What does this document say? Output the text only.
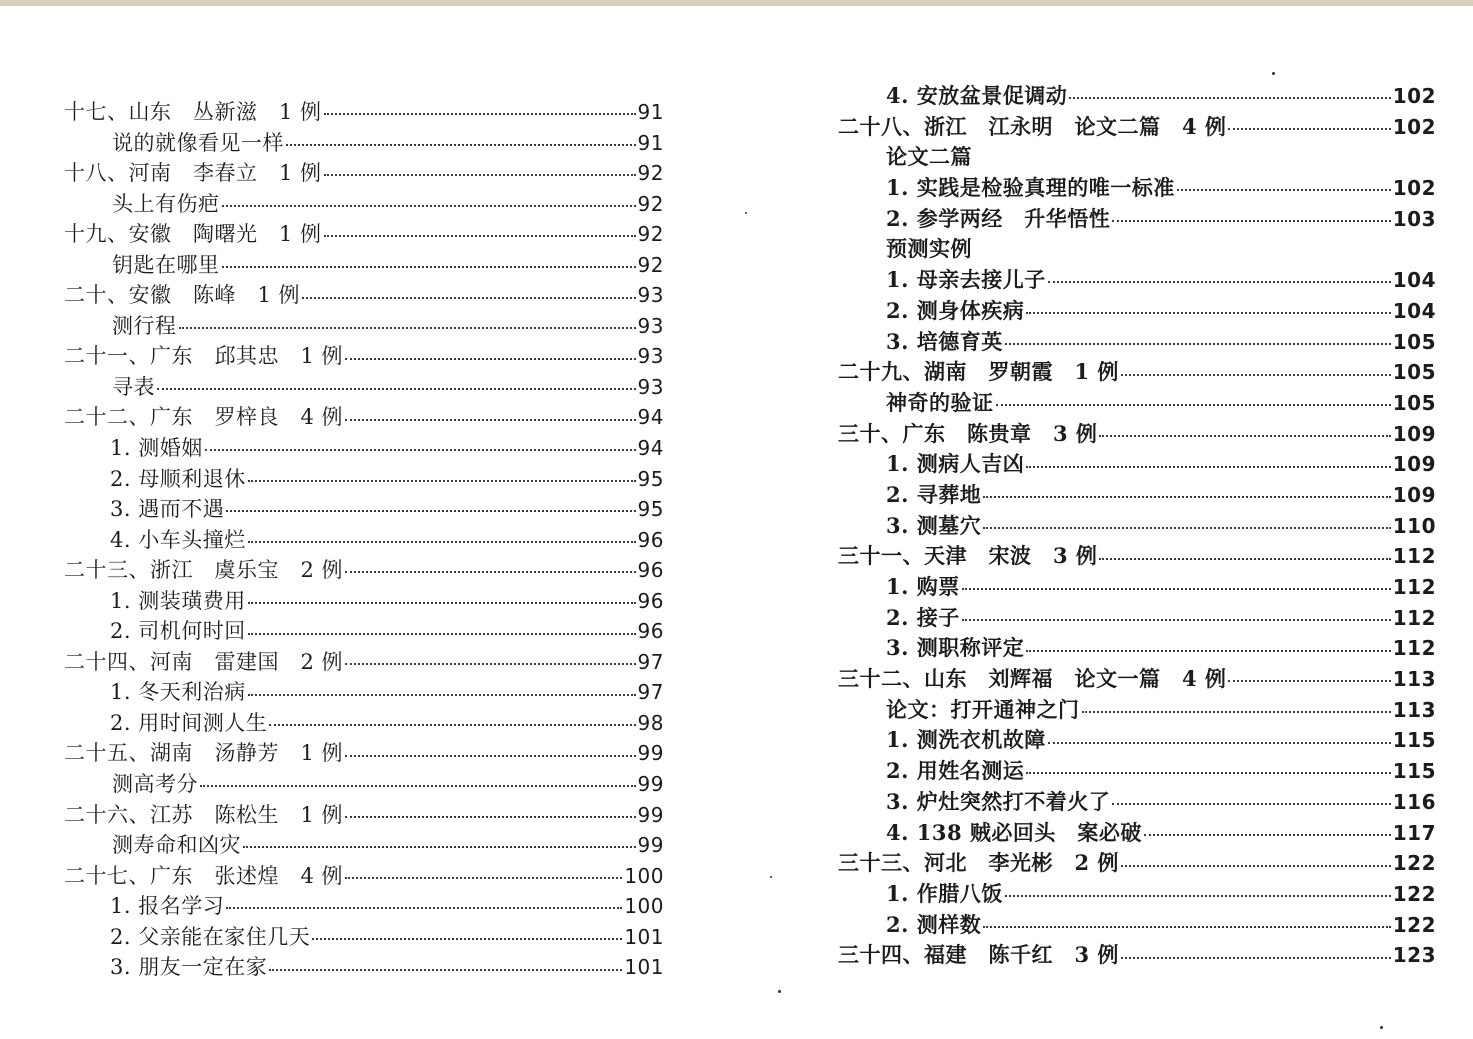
十七、山东　丛新滋　1 例	91
说的就像看见一样	91
十八、河南　李春立　1 例	92
头上有伤疤	92
十九、安徽　陶曙光　1 例	92
钥匙在哪里	92
二十、安徽　陈峰　1 例	93
测行程	93
二十一、广东　邱其忠　1 例	93
寻表	93
二十二、广东　罗梓良　4 例	94
1. 测婚姻	94
2. 母顺利退休	95
3. 遇而不遇	95
4. 小车头撞烂	96
二十三、浙江　虞乐宝　2 例	96
1. 测装璜费用	96
2. 司机何时回	96
二十四、河南　雷建国　2 例	97
1. 冬天利治病	97
2. 用时间测人生	98
二十五、湖南　汤静芳　1 例	99
测高考分	99
二十六、江苏　陈松生　1 例	99
测寿命和凶灾	99
二十七、广东　张述煌　4 例	100
1. 报名学习	100
2. 父亲能在家住几天	101
3. 朋友一定在家	101
4. 安放盆景促调动	102
二十八、浙江　江永明　论文二篇　4 例	102
论文二篇
1. 实践是检验真理的唯一标准	102
2. 参学两经　升华悟性	103
预测实例
1. 母亲去接儿子	104
2. 测身体疾病	104
3. 培德育英	105
二十九、湖南　罗朝霞　1 例	105
神奇的验证	105
三十、广东　陈贵章　3 例	109
1. 测病人吉凶	109
2. 寻葬地	109
3. 测墓穴	110
三十一、天津　宋波　3 例	112
1. 购票	112
2. 接子	112
3. 测职称评定	112
三十二、山东　刘辉福　论文一篇　4 例	113
论文：打开通神之门	113
1. 测洗衣机故障	115
2. 用姓名测运	115
3. 炉灶突然打不着火了	116
4. 138 贼必回头　案必破	117
三十三、河北　李光彬　2 例	122
1. 作腊八饭	122
2. 测样数	122
三十四、福建　陈千红　3 例	123
